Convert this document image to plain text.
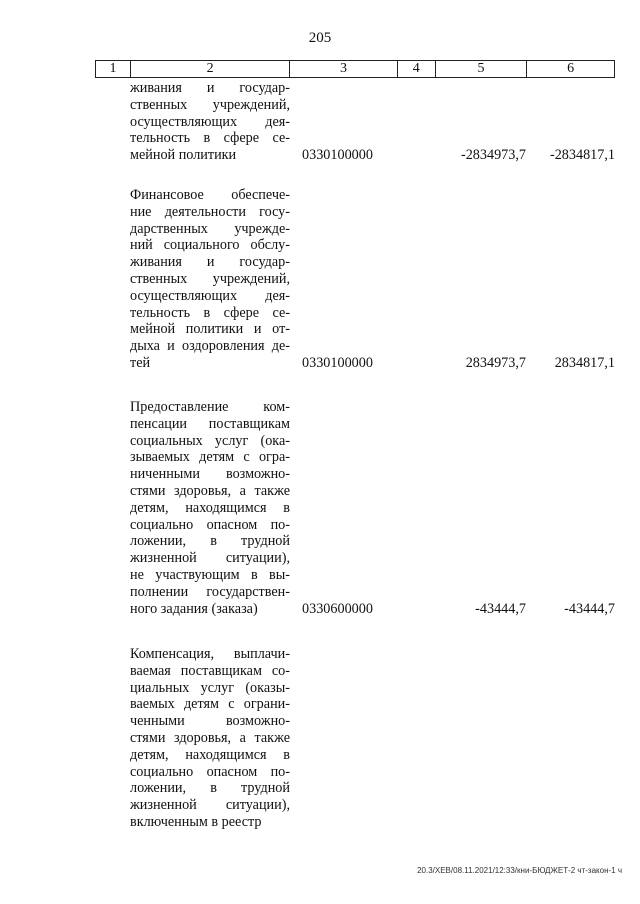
205
1	2	3	4	5	6
живания и государ-
ственных учреждений,
осуществляющих дея-
тельность в сфере се-
мейной политики	0330100000	-2834973,7 -2834817,1
Финансовое обеспече-
ние деятельности госу-
дарственных учрежде-
ний социального обслу-
живания и государ-
ственных учреждений,
осуществляющих дея-
тельность в сфере се-
мейной политики и от-
дыха и оздоровления де-
тей	0330100000	2834973,7 2834817,1
Предоставление ком-
пенсации поставщикам
социальных услуг (ока-
зываемых детям с огра-
ниченными возможно-
стями здоровья, а также
детям, находящимся в
социально опасном по-
ложении, в трудной
жизненной ситуации),
не участвующим в вы-
полнении государствен-
ного задания (заказа)	0330600000	-43444,7	-43444,7
Компенсация, выплачи-
ваемая поставщикам со-
циальных услуг (оказы-
ваемых детям с ограни-
ченными возможно-
стями здоровья, а также
детям, находящимся в
социально опасном по-
ложении, в трудной
жизненной ситуации),
включенным в реестр
20.3/ХЕВ/08.11.2021/12:33/кни-БЮДЖЕТ-2 чт-закон-1 ч
